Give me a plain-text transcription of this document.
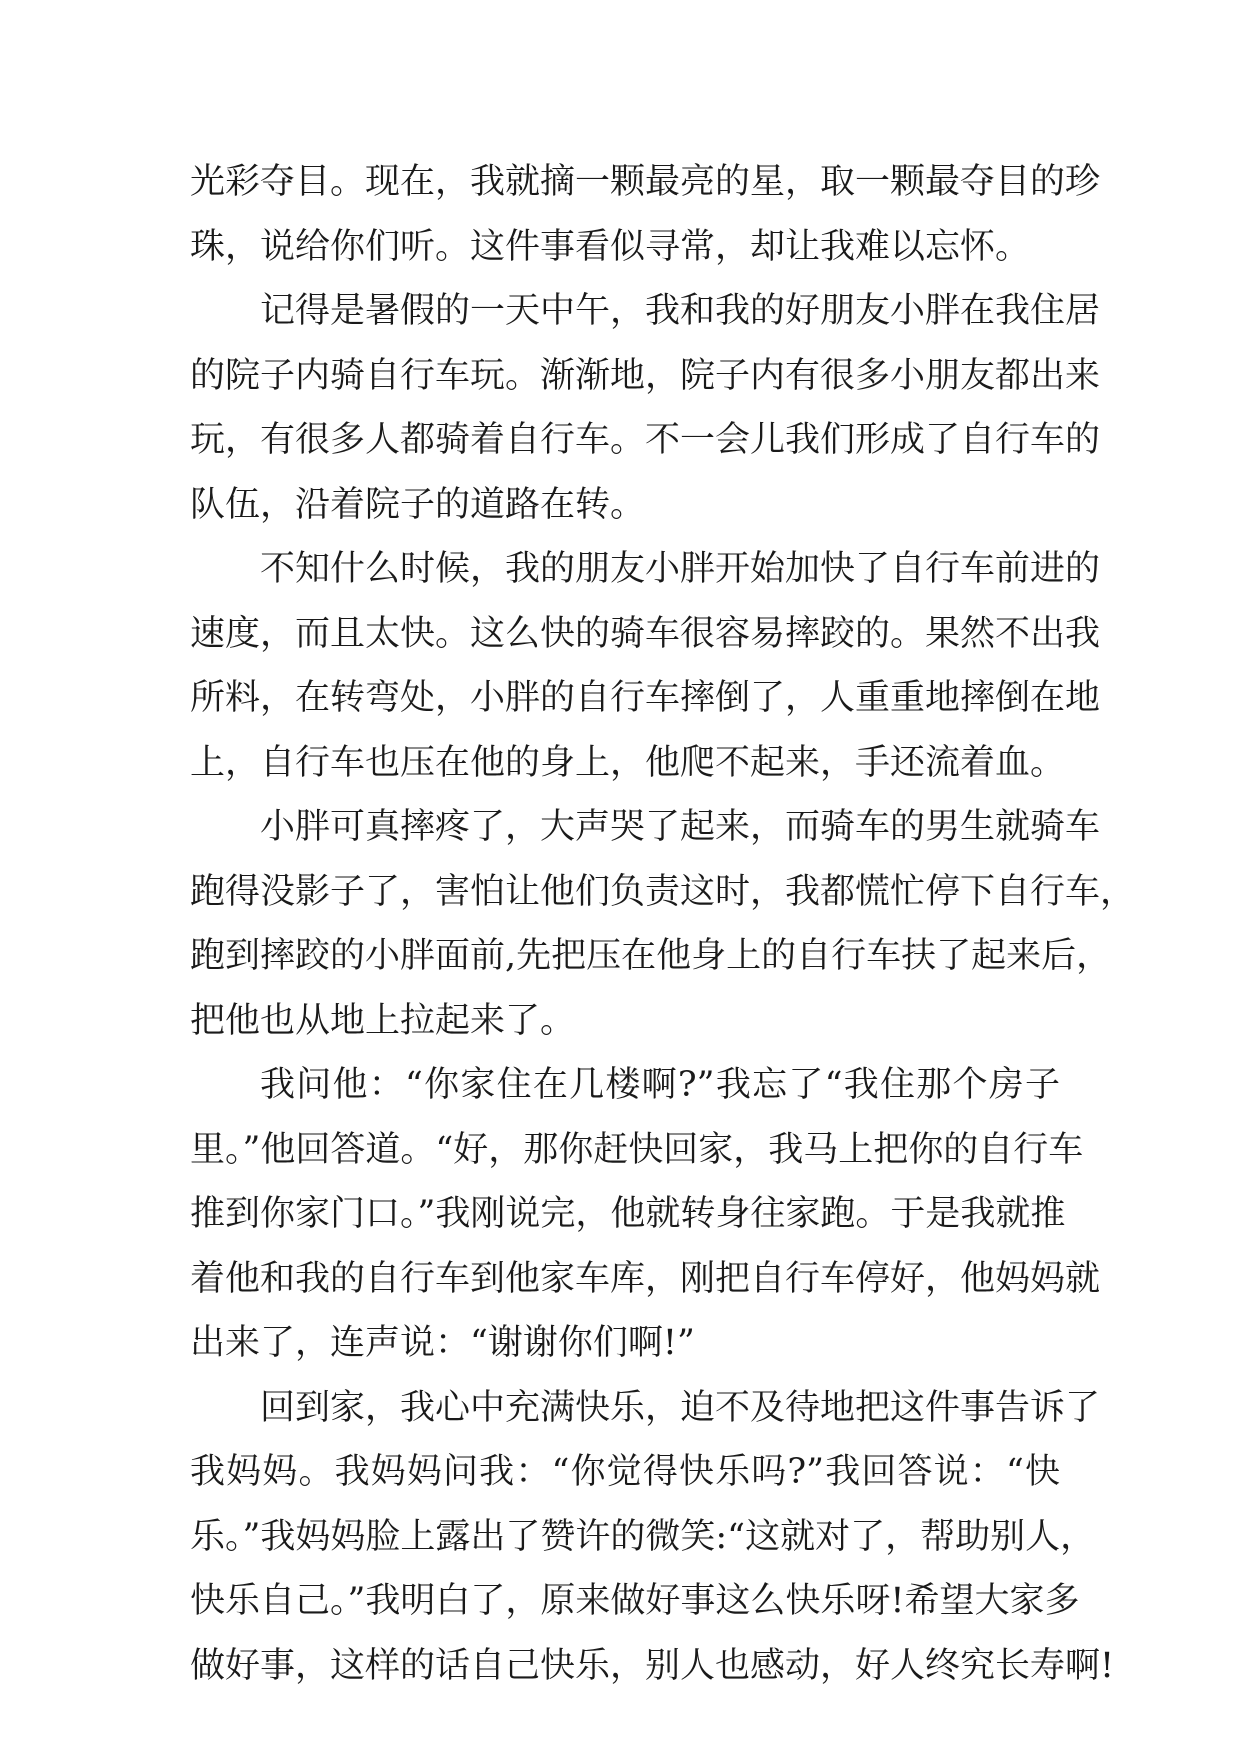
光彩夺目。现在，我就摘一颗最亮的星，取一颗最夺目的珍
珠，说给你们听。这件事看似寻常，却让我难以忘怀。
记得是暑假的一天中午，我和我的好朋友小胖在我住居
的院子内骑自行车玩。渐渐地，院子内有很多小朋友都出来
玩，有很多人都骑着自行车。不一会儿我们形成了自行车的
队伍，沿着院子的道路在转。
不知什么时候，我的朋友小胖开始加快了自行车前进的
速度，而且太快。这么快的骑车很容易摔跤的。果然不出我
所料，在转弯处，小胖的自行车摔倒了，人重重地摔倒在地
上，自行车也压在他的身上，他爬不起来，手还流着血。
小胖可真摔疼了，大声哭了起来，而骑车的男生就骑车
跑得没影子了，害怕让他们负责这时，我都慌忙停下自行车，
跑到摔跤的小胖面前,先把压在他身上的自行车扶了起来后，
把他也从地上拉起来了。
我问他：“你家住在几楼啊?”我忘了“我住那个房子
里。”他回答道。“好，那你赶快回家，我马上把你的自行车
推到你家门口。”我刚说完，他就转身往家跑。于是我就推
着他和我的自行车到他家车库，刚把自行车停好，他妈妈就
出来了，连声说：“谢谢你们啊!”
回到家，我心中充满快乐，迫不及待地把这件事告诉了
我妈妈。我妈妈问我：“你觉得快乐吗?”我回答说：“快
乐。”我妈妈脸上露出了赞许的微笑:“这就对了，帮助别人，
快乐自己。”我明白了，原来做好事这么快乐呀!希望大家多
做好事，这样的话自己快乐，别人也感动，好人终究长寿啊!
